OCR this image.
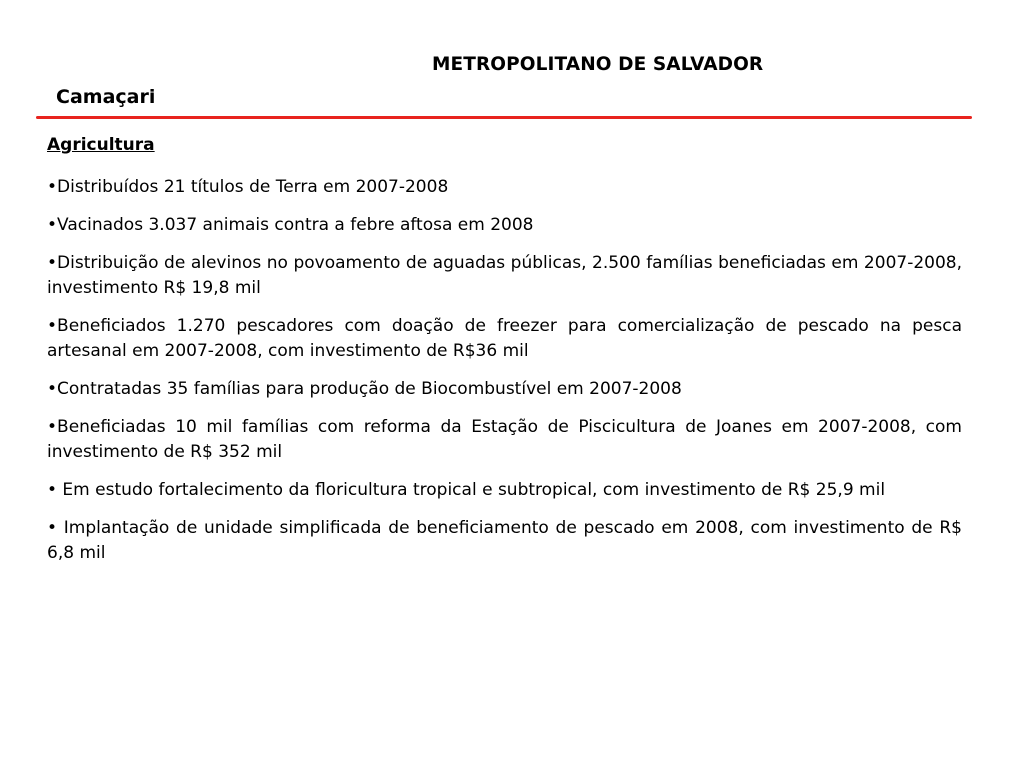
METROPOLITANO DE SALVADOR
Camaçari
Agricultura
•Distribuídos 21 títulos de Terra em 2007-2008
•Vacinados 3.037 animais contra a febre aftosa em 2008
•Distribuição de alevinos no povoamento de aguadas públicas, 2.500 famílias beneficiadas em 2007-2008, investimento R$ 19,8 mil
•Beneficiados 1.270 pescadores com doação de freezer para comercialização de pescado na pesca artesanal em 2007-2008, com investimento de R$36 mil
•Contratadas 35 famílias para produção de Biocombustível em 2007-2008
•Beneficiadas 10 mil famílias com reforma da Estação de Piscicultura de Joanes em 2007-2008, com investimento de R$ 352 mil
• Em estudo fortalecimento da floricultura tropical e subtropical, com investimento de R$ 25,9 mil
• Implantação de unidade simplificada de beneficiamento de pescado em 2008, com investimento de R$ 6,8 mil
